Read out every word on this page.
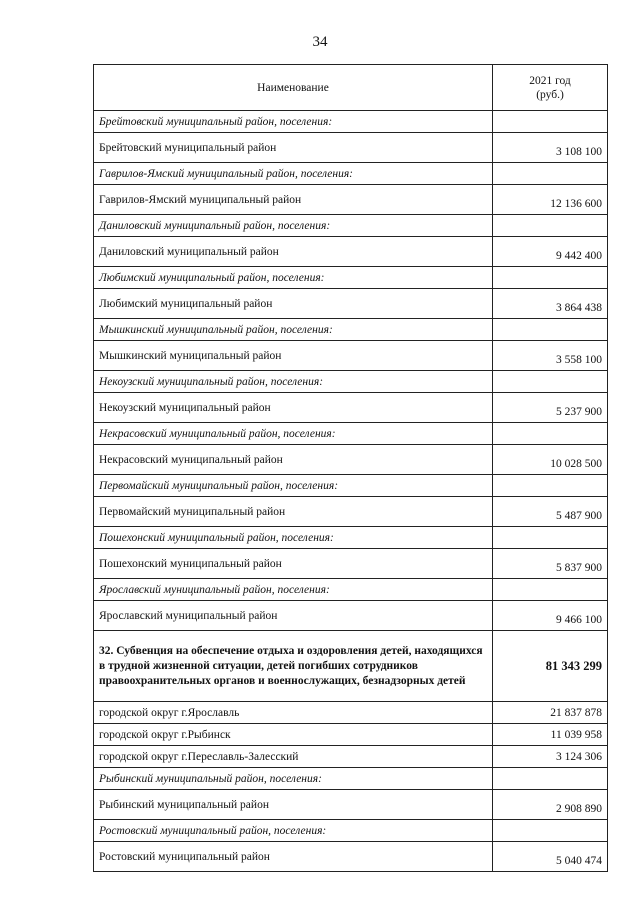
34
Наименование	2021 год
(руб.)

Брейтовский муниципальный район, поселения:	
Брейтовский муниципальный район	3 108 100
Гаврилов-Ямский муниципальный район, поселения:	
Гаврилов-Ямский муниципальный район	12 136 600
Даниловский муниципальный район, поселения:	
Даниловский муниципальный район	9 442 400
Любимский муниципальный район, поселения:	
Любимский муниципальный район	3 864 438
Мышкинский муниципальный район, поселения:	
Мышкинский муниципальный район	3 558 100
Некоузский муниципальный район, поселения:	
Некоузский муниципальный район	5 237 900
Некрасовский муниципальный район, поселения:	
Некрасовский муниципальный район	10 028 500
Первомайский муниципальный район, поселения:	
Первомайский муниципальный район	5 487 900
Пошехонский муниципальный район, поселения:	
Пошехонский муниципальный район	5 837 900
Ярославский муниципальный район, поселения:	
Ярославский муниципальный район	9 466 100
32. Субвенция на обеспечение отдыха и оздоровления детей, находящихся в трудной жизненной ситуации, детей погибших сотрудников правоохранительных органов и военнослужащих, безнадзорных детей	81 343 299
городской округ г.Ярославль	21 837 878
городской округ г.Рыбинск	11 039 958
городской округ г.Переславль-Залесский	3 124 306
Рыбинский муниципальный район, поселения:	
Рыбинский муниципальный район	2 908 890
Ростовский муниципальный район, поселения:	
Ростовский муниципальный район	5 040 474
